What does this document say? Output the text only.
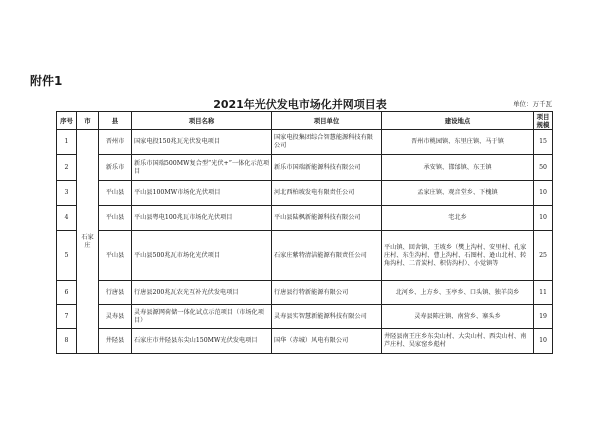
附件1
2021年光伏发电市场化并网项目表	单位：万千瓦
序号	市	县	项目名称	项目单位	建设地点	项目规模
1	石家庄	晋州市	国家电投150兆瓦光伏发电项目	国家电投集团综合智慧能源科技有限公司	晋州市桃园镇、东里庄镇、马于镇	15
2		新乐市	新乐市国瑞500MW复合型“光伏+”一体化示范项目	新乐市国瑞新能源科技有限公司	承安镇、邯邰镇、东王镇	50
3		平山县	平山县100MW市场化光伏项目	河北西柏坡发电有限责任公司	孟家庄镇、观音堂乡、下槐镇	10
4		平山县	平山县粤电100兆瓦市场化光伏项目	平山县陆枫新能源科技有限公司	宅北乡	10
5		平山县	平山县500兆瓦市场化光伏项目	石家庄紫特清洁能源有限责任公司	平山镇、回舍镇、王坡乡（樊上沟村、安里村、孔家庄村、东生沟村、曹上沟村、石图村、逊山北村、转角沟村、二青炭村、积仿沟村）、小觉镇等	25
6		行唐县	行唐县200兆瓦农光互补光伏发电项目	行唐县行特新能源有限公司	北河乡、上方乡、玉亭乡、口头镇、独羊岗乡	11
7		灵寿县	灵寿县源网荷储一体化试点示范项目（市场化项目）	灵寿县实智慧新能源科技有限公司	灵寿县陈庄镇、南营乡、寨头乡	19
8		井陉县	石家庄市井陉县东尖山150MW光伏发电项目	国华（赤城）风电有限公司	井陉县南王庄乡东尖山村、大尖山村、西尖山村、南芦庄村、吴家窑乡彪村	10
